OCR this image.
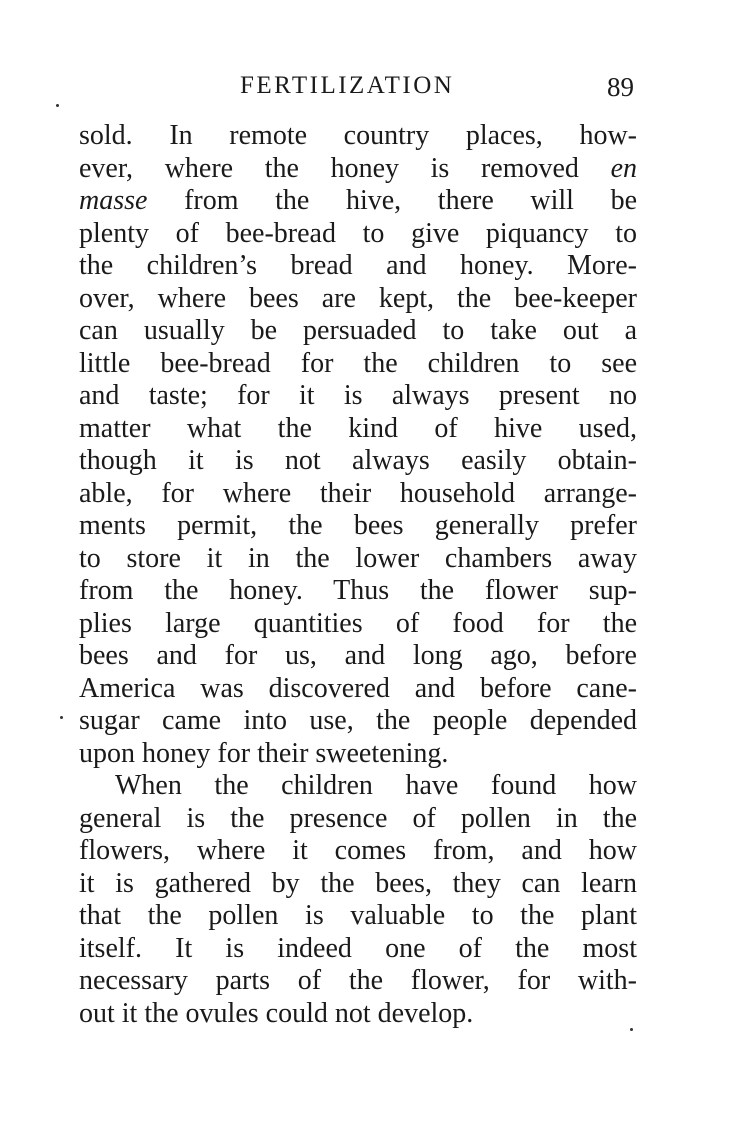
FERTILIZATION	89
sold. In remote country places, how-
ever, where the honey is removed en
masse from the hive, there will be
plenty of bee-bread to give piquancy to
the children’s bread and honey. More-
over, where bees are kept, the bee-keeper
can usually be persuaded to take out a
little bee-bread for the children to see
and taste; for it is always present no
matter what the kind of hive used,
though it is not always easily obtain-
able, for where their household arrange-
ments permit, the bees generally prefer
to store it in the lower chambers away
from the honey. Thus the flower sup-
plies large quantities of food for the
bees and for us, and long ago, before
America was discovered and before cane-
sugar came into use, the people depended
upon honey for their sweetening.
When the children have found how
general is the presence of pollen in the
flowers, where it comes from, and how
it is gathered by the bees, they can learn
that the pollen is valuable to the plant
itself. It is indeed one of the most
necessary parts of the flower, for with-
out it the ovules could not develop.
